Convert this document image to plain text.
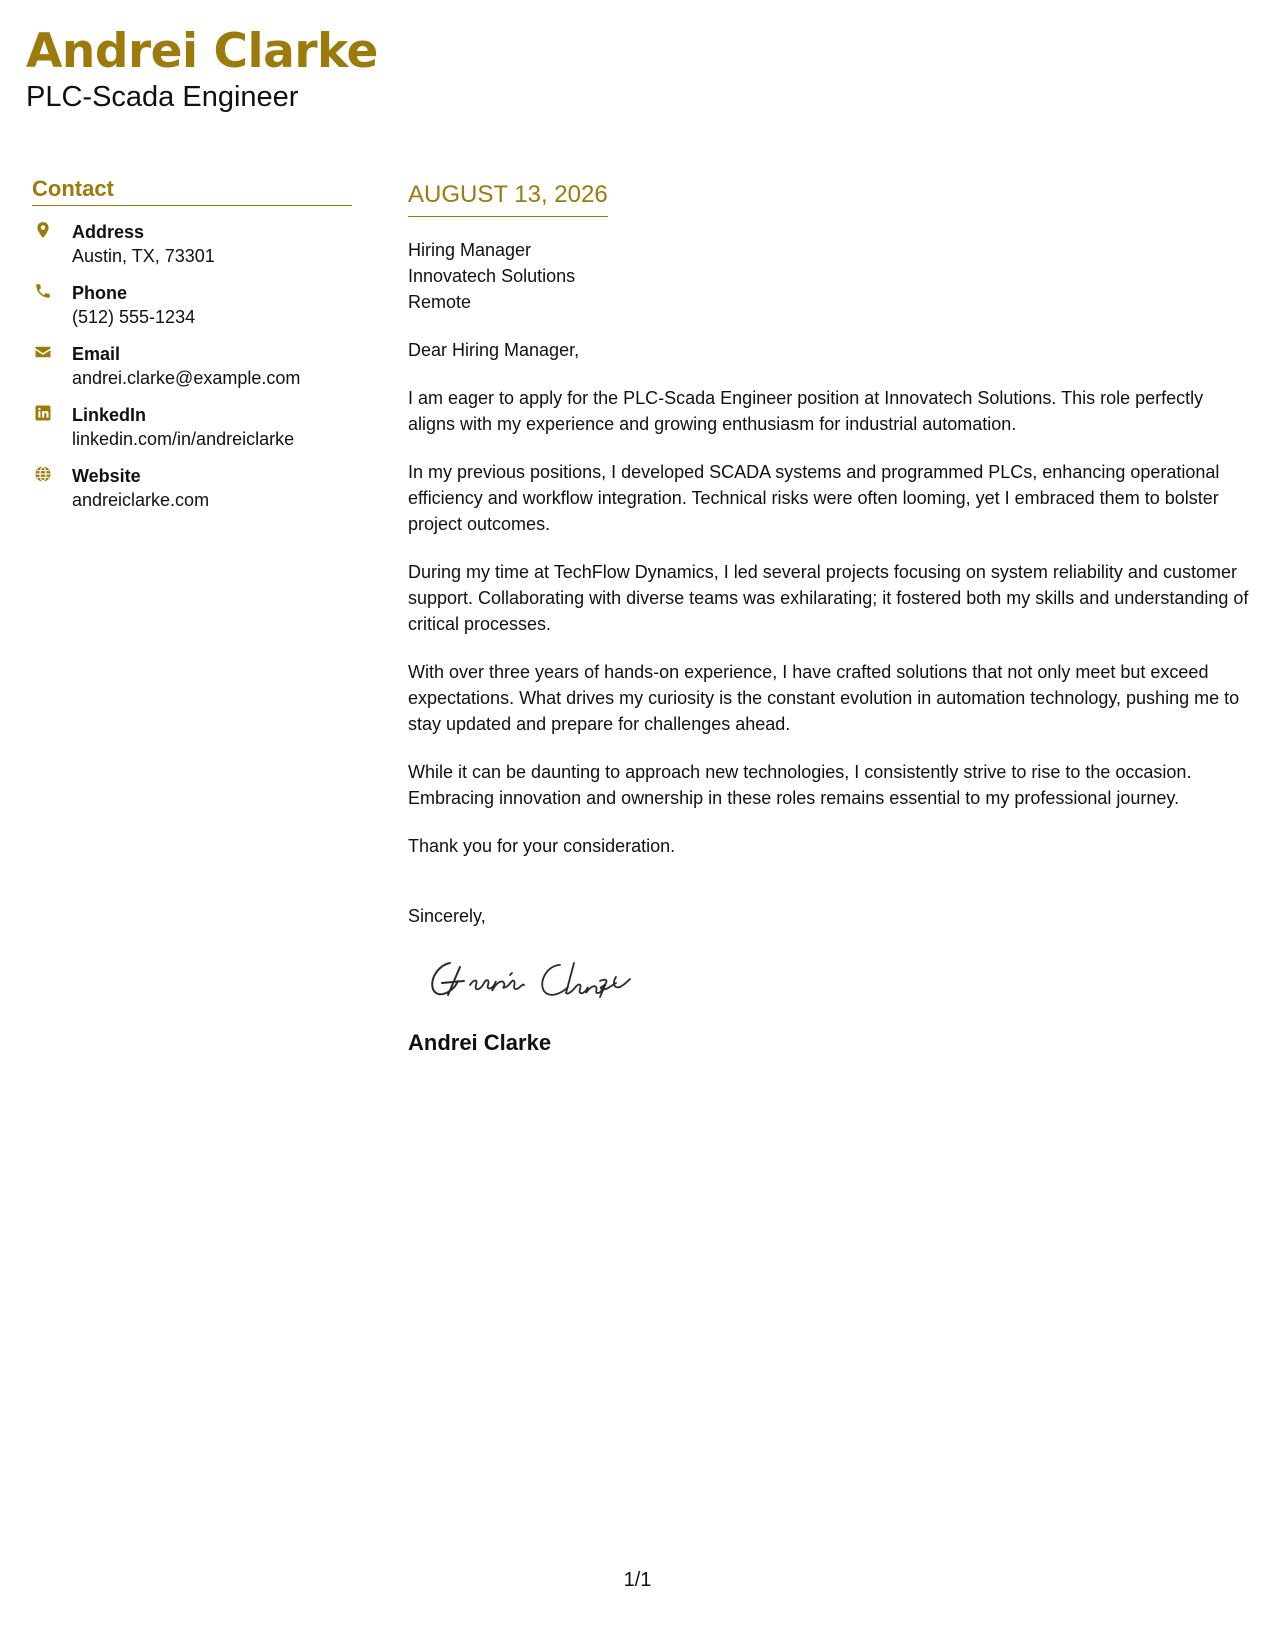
Andrei Clarke

PLC-Scada Engineer

Contact
Address
Austin, TX, 73301
Phone
(512) 555-1234
Email
andrei.clarke@example.com
LinkedIn
linkedin.com/in/andreiclarke
Website
andreiclarke.com
AUGUST 13, 2026

Hiring Manager

Innovatech Solutions

Remote

Dear Hiring Manager,

I am eager to apply for the PLC-Scada Engineer position at Innovatech Solutions. This role perfectly aligns with my experience and growing enthusiasm for industrial automation.

In my previous positions, I developed SCADA systems and programmed PLCs, enhancing operational efficiency and workflow integration. Technical risks were often looming, yet I embraced them to bolster project outcomes.

During my time at TechFlow Dynamics, I led several projects focusing on system reliability and customer support. Collaborating with diverse teams was exhilarating; it fostered both my skills and understanding of critical processes.

With over three years of hands-on experience, I have crafted solutions that not only meet but exceed expectations. What drives my curiosity is the constant evolution in automation technology, pushing me to stay updated and prepare for challenges ahead.

While it can be daunting to approach new technologies, I consistently strive to rise to the occasion. Embracing innovation and ownership in these roles remains essential to my professional journey.

Thank you for your consideration.

Sincerely,

Andrei Clarke

1/1
